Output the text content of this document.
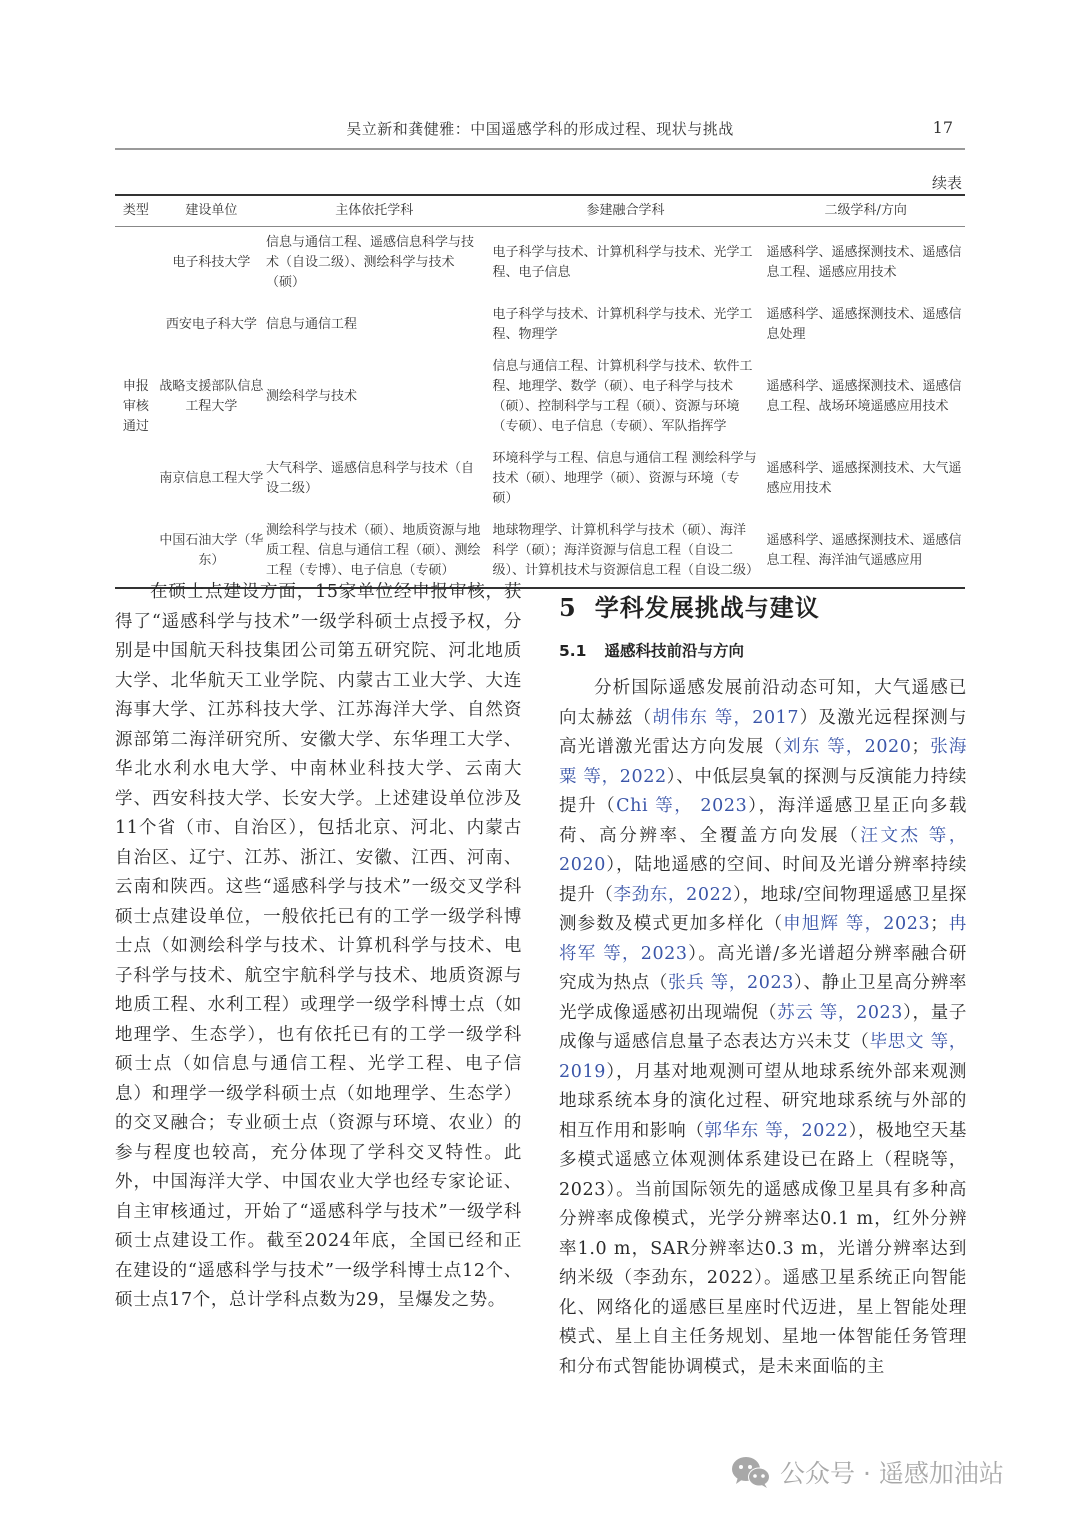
吴立新和龚健雅：中国遥感学科的形成过程、现状与挑战	17
续表
类型	建设单位	主体依托学科	参建融合学科	二级学科/方向

申报
审核
通过	电子科技大学	信息与通信工程、遥感信息科学与技术（自设二级）、测绘科学与技术（硕）	电子科学与技术、计算机科学与技术、光学工程、电子信息	遥感科学、遥感探测技术、遥感信息工程、遥感应用技术
	西安电子科大学	信息与通信工程	电子科学与技术、计算机科学与技术、光学工程、物理学	遥感科学、遥感探测技术、遥感信息处理
	战略支援部队信息工程大学	测绘科学与技术	信息与通信工程、计算机科学与技术、软件工程、地理学、数学（硕）、电子科学与技术（硕）、控制科学与工程（硕）、资源与环境（专硕）、电子信息（专硕）、军队指挥学	遥感科学、遥感探测技术、遥感信息工程、战场环境遥感应用技术
	南京信息工程大学	大气科学、遥感信息科学与技术（自设二级）	环境科学与工程、信息与通信工程 测绘科学与技术（硕）、地理学（硕）、资源与环境（专硕）	遥感科学、遥感探测技术、大气遥感应用技术
	中国石油大学（华东）	测绘科学与技术（硕）、地质资源与地质工程、信息与通信工程（硕）、测绘工程（专博）、电子信息（专硕）	地球物理学、计算机科学与技术（硕）、海洋科学（硕）；海洋资源与信息工程（自设二级）、计算机技术与资源信息工程（自设二级）	遥感科学、遥感探测技术、遥感信息工程、海洋油气遥感应用

在硕士点建设方面，15家单位经申报审核，获得了“遥感科学与技术”一级学科硕士点授予权，分别是中国航天科技集团公司第五研究院、河北地质大学、北华航天工业学院、内蒙古工业大学、大连海事大学、江苏科技大学、江苏海洋大学、自然资源部第二海洋研究所、安徽大学、东华理工大学、华北水利水电大学、中南林业科技大学、云南大学、西安科技大学、长安大学。上述建设单位涉及11个省（市、自治区），包括北京、河北、内蒙古自治区、辽宁、江苏、浙江、安徽、江西、河南、云南和陕西。这些“遥感科学与技术”一级交叉学科硕士点建设单位，一般依托已有的工学一级学科博士点（如测绘科学与技术、计算机科学与技术、电子科学与技术、航空宇航科学与技术、地质资源与地质工程、水利工程）或理学一级学科博士点（如地理学、生态学），也有依托已有的工学一级学科硕士点（如信息与通信工程、光学工程、电子信息）和理学一级学科硕士点（如地理学、生态学）的交叉融合；专业硕士点（资源与环境、农业）的参与程度也较高，充分体现了学科交叉特性。此外，中国海洋大学、中国农业大学也经专家论证、自主审核通过，开始了“遥感科学与技术”一级学科硕士点建设工作。截至2024年底，全国已经和正在建设的“遥感科学与技术”一级学科博士点12个、硕士点17个，总计学科点数为29，呈爆发之势。

5 学科发展挑战与建议
5.1 遥感科技前沿与方向

分析国际遥感发展前沿动态可知，大气遥感已向太赫兹（胡伟东 等，2017）及激光远程探测与高光谱激光雷达方向发展（刘东 等，2020；张海粟 等，2022）、中低层臭氧的探测与反演能力持续提升（Chi 等， 2023），海洋遥感卫星正向多载荷、高分辨率、全覆盖方向发展（汪文杰 等，2020），陆地遥感的空间、时间及光谱分辨率持续提升（李劲东，2022），地球/空间物理遥感卫星探测参数及模式更加多样化（申旭辉 等，2023；冉将军 等，2023）。高光谱/多光谱超分辨率融合研究成为热点（张兵 等，2023）、静止卫星高分辨率光学成像遥感初出现端倪（苏云 等，2023），量子成像与遥感信息量子态表达方兴未艾（毕思文 等，2019），月基对地观测可望从地球系统外部来观测地球系统本身的演化过程、研究地球系统与外部的相互作用和影响（郭华东 等，2022），极地空天基多模式遥感立体观测体系建设已在路上（程晓等，2023）。当前国际领先的遥感成像卫星具有多种高分辨率成像模式，光学分辨率达0.1 m，红外分辨率1.0 m，SAR分辨率达0.3 m，光谱分辨率达到纳米级（李劲东，2022）。遥感卫星系统正向智能化、网络化的遥感巨星座时代迈进，星上智能处理模式、星上自主任务规划、星地一体智能任务管理和分布式智能协调模式，是未来面临的主

公众号 · 遥感加油站
